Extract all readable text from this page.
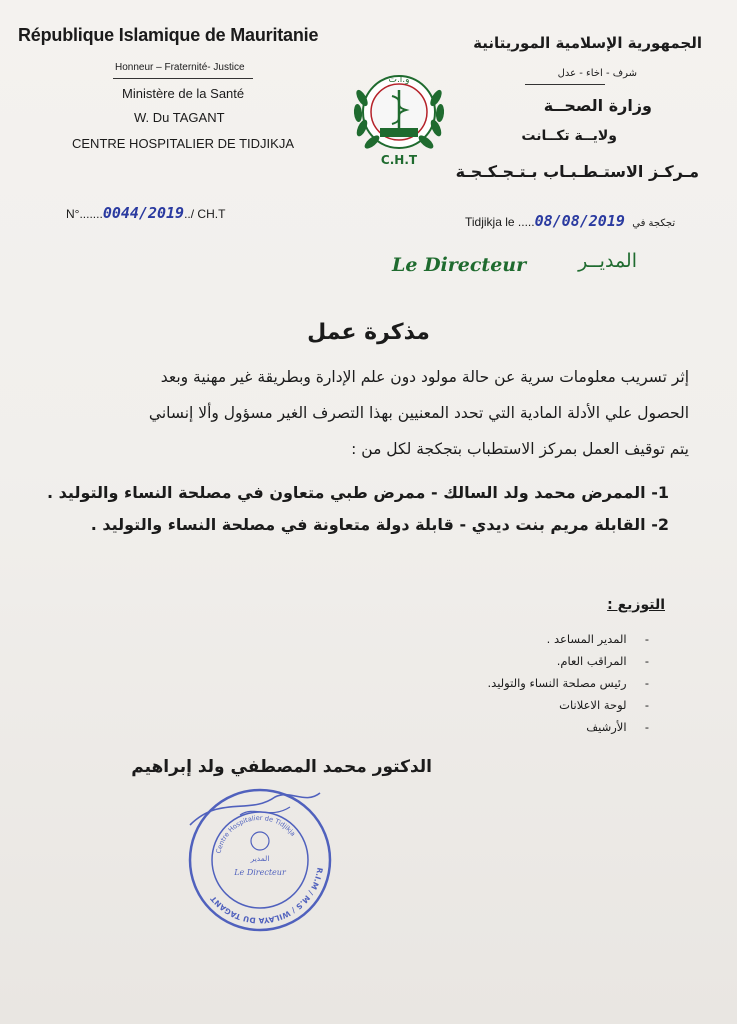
République Islamique de Mauritanie
Honneur – Fraternité- Justice
Ministère de la Santé
W. Du TAGANT
CENTRE HOSPITALIER DE TIDJIKJA
الجمهورية الإسلامية الموريتانية
شرف - اخاء - عدل
وزارة الصحــة
ولايــة تكــانت
مـركـز الاستـطـبـاب بـتـجـكـجـة
و.ا.ت
C.H.T
N°.......0044/2019../ CH.T
Tidjikja le .....08/08/2019 تجكجة في
Le Directeur	المديــر
مذكرة عمل
إثر تسريب معلومات سرية عن حالة مولود دون علم الإدارة وبطريقة غير مهنية وبعد
الحصول علي الأدلة المادية التي تحدد المعنيين بهذا التصرف الغير مسؤول وألا إنساني
يتم توقيف العمل بمركز الاستطباب بتجكجة لكل من :
1- الممرض محمد ولد السالك - ممرض طبي متعاون في مصلحة النساء والتوليد .
2- القابلة مريم بنت ديدي - قابلة دولة متعاونة في مصلحة النساء والتوليد .
التوزيع :
-     المدير المساعد .
-     المراقب العام.
-     رئيس مصلحة النساء والتوليد.
-     لوحة الاعلانات
-     الأرشيف
الدكتور محمد المصطفي ولد إبراهيم
R.I.M / M.S / WILAYA DU TAGANT
Centre Hospitalier de Tidjikja
المدير
Le Directeur
